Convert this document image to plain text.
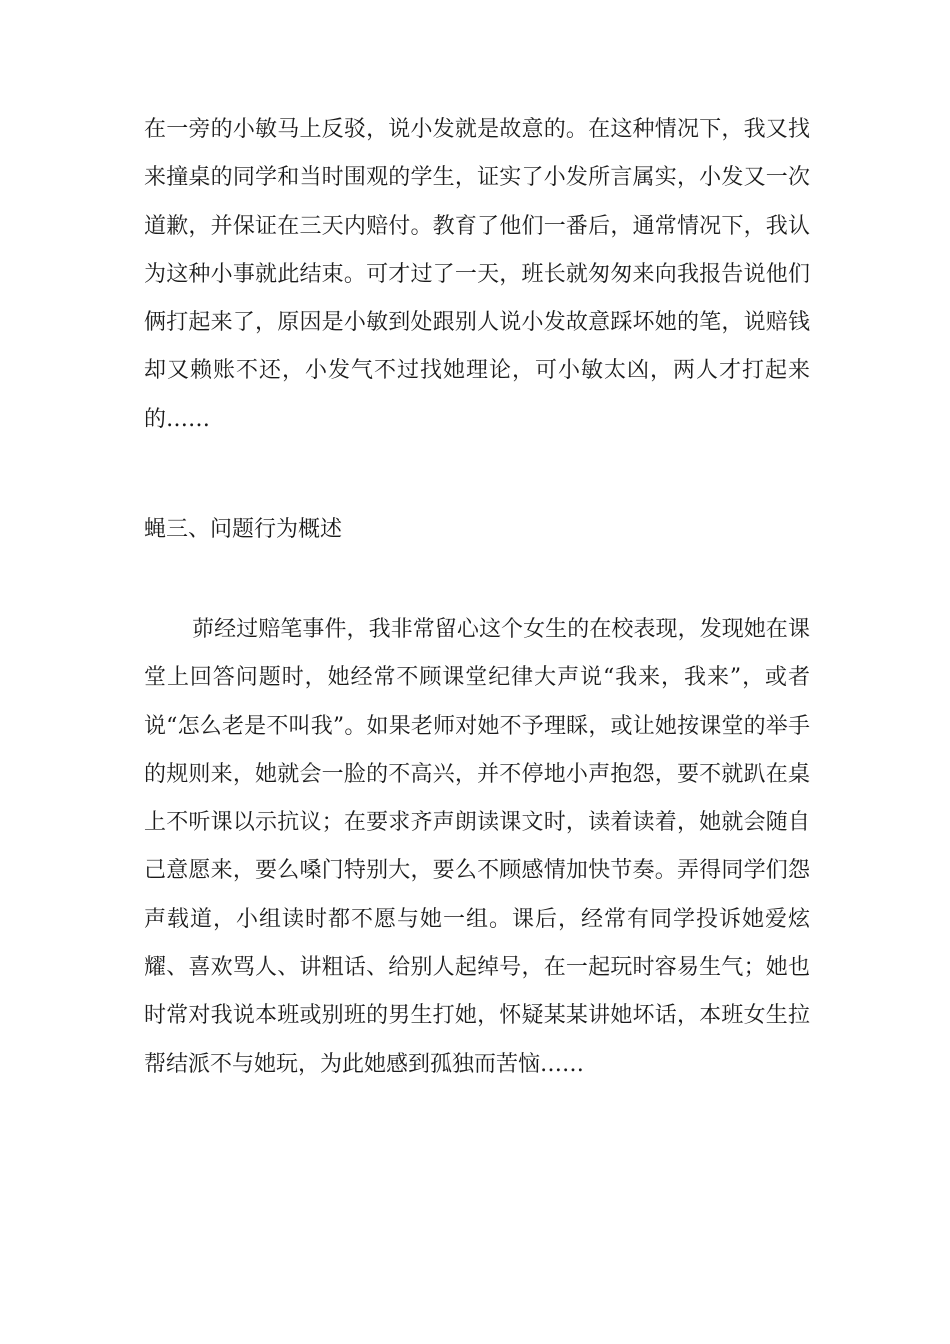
在一旁的小敏马上反驳，说小发就是故意的。在这种情况下，我又找来撞桌的同学和当时围观的学生，证实了小发所言属实，小发又一次道歉，并保证在三天内赔付。教育了他们一番后，通常情况下，我认为这种小事就此结束。可才过了一天，班长就匆匆来向我报告说他们俩打起来了，原因是小敏到处跟别人说小发故意踩坏她的笔，说赔钱却又赖账不还，小发气不过找她理论，可小敏太凶，两人才打起来的……

蝇三、问题行为概述

茆经过赔笔事件，我非常留心这个女生的在校表现，发现她在课堂上回答问题时，她经常不顾课堂纪律大声说“我来，我来”，或者说“怎么老是不叫我”。如果老师对她不予理睬，或让她按课堂的举手的规则来，她就会一脸的不高兴，并不停地小声抱怨，要不就趴在桌上不听课以示抗议；在要求齐声朗读课文时，读着读着，她就会随自己意愿来，要么嗓门特别大，要么不顾感情加快节奏。弄得同学们怨声载道，小组读时都不愿与她一组。课后，经常有同学投诉她爱炫耀、喜欢骂人、讲粗话、给别人起绰号，在一起玩时容易生气；她也时常对我说本班或别班的男生打她，怀疑某某讲她坏话，本班女生拉帮结派不与她玩，为此她感到孤独而苦恼……
